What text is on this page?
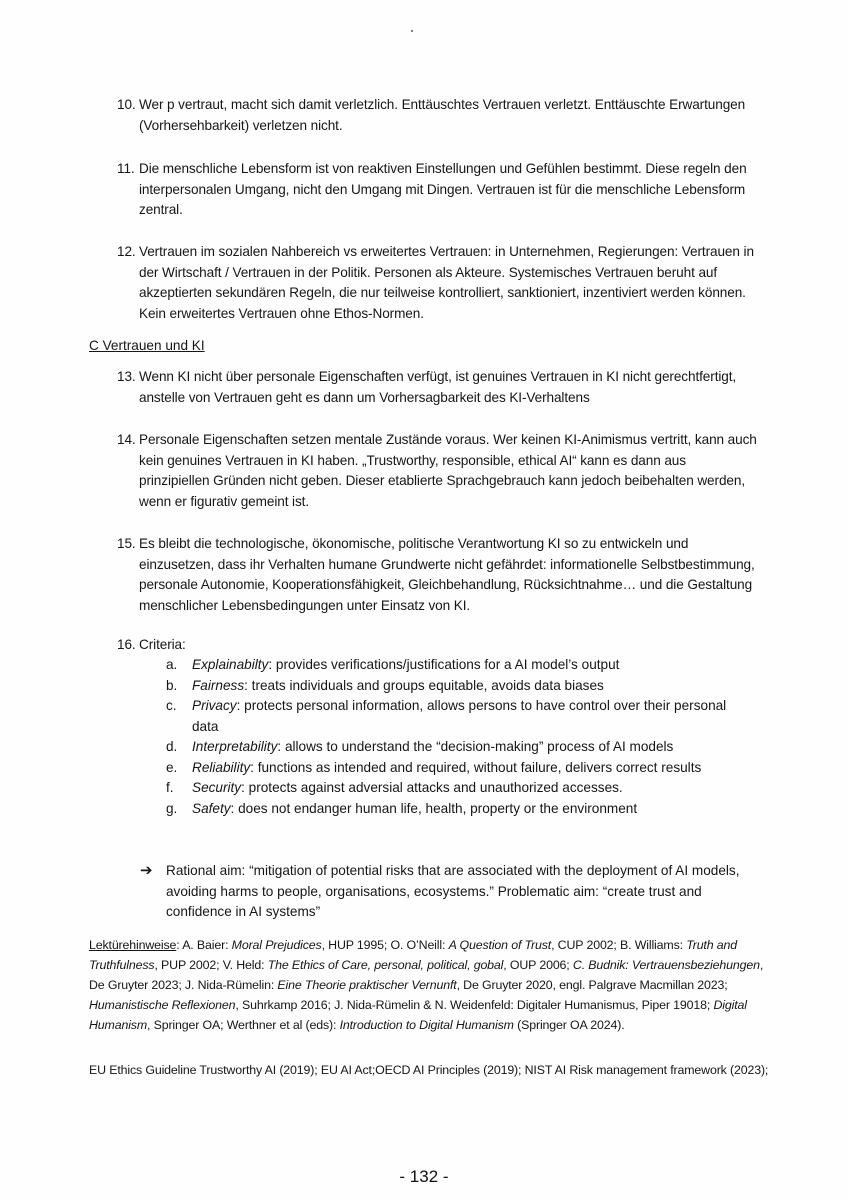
10. Wer p vertraut, macht sich damit verletzlich. Enttäuschtes Vertrauen verletzt. Enttäuschte Erwartungen (Vorhersehbarkeit) verletzen nicht.
11. Die menschliche Lebensform ist von reaktiven Einstellungen und Gefühlen bestimmt. Diese regeln den interpersonalen Umgang, nicht den Umgang mit Dingen. Vertrauen ist für die menschliche Lebensform zentral.
12. Vertrauen im sozialen Nahbereich vs erweitertes Vertrauen: in Unternehmen, Regierungen: Vertrauen in der Wirtschaft / Vertrauen in der Politik. Personen als Akteure. Systemisches Vertrauen beruht auf akzeptierten sekundären Regeln, die nur teilweise kontrolliert, sanktioniert, inzentiviert werden können. Kein erweitertes Vertrauen ohne Ethos-Normen.
C Vertrauen und KI
13. Wenn KI nicht über personale Eigenschaften verfügt, ist genuines Vertrauen in KI nicht gerechtfertigt, anstelle von Vertrauen geht es dann um Vorhersagbarkeit des KI-Verhaltens
14. Personale Eigenschaften setzen mentale Zustände voraus. Wer keinen KI-Animismus vertritt, kann auch kein genuines Vertrauen in KI haben. „Trustworthy, responsible, ethical AI“ kann es dann aus prinzipiellen Gründen nicht geben. Dieser etablierte Sprachgebrauch kann jedoch beibehalten werden, wenn er figurativ gemeint ist.
15. Es bleibt die technologische, ökonomische, politische Verantwortung KI so zu entwickeln und einzusetzen, dass ihr Verhalten humane Grundwerte nicht gefährdet: informationelle Selbstbestimmung, personale Autonomie, Kooperationsfähigkeit, Gleichbehandlung, Rücksichtnahme… und die Gestaltung menschlicher Lebensbedingungen unter Einsatz von KI.
16. Criteria:
a. Explainabilty: provides verifications/justifications for a AI model’s output
b. Fairness: treats individuals and groups equitable, avoids data biases
c. Privacy: protects personal information, allows persons to have control over their personal data
d. Interpretability: allows to understand the “decision-making” process of AI models
e. Reliability: functions as intended and required, without failure, delivers correct results
f. Security: protects against adversial attacks and unauthorized accesses.
g. Safety: does not endanger human life, health, property or the environment
➔ Rational aim: “mitigation of potential risks that are associated with the deployment of AI models, avoiding harms to people, organisations, ecosystems.” Problematic aim: “create trust and confidence in AI systems”
Lektürehinweise: A. Baier: Moral Prejudices, HUP 1995; O. O’Neill: A Question of Trust, CUP 2002; B. Williams: Truth and Truthfulness, PUP 2002; V. Held: The Ethics of Care, personal, political, gobal, OUP 2006; C. Budnik: Vertrauensbeziehungen, De Gruyter 2023; J. Nida-Rümelin: Eine Theorie praktischer Vernunft, De Gruyter 2020, engl. Palgrave Macmillan 2023; Humanistische Reflexionen, Suhrkamp 2016; J. Nida-Rümelin & N. Weidenfeld: Digitaler Humanismus, Piper 19018; Digital Humanism, Springer OA; Werthner et al (eds): Introduction to Digital Humanism (Springer OA 2024).
EU Ethics Guideline Trustworthy AI (2019); EU AI Act;OECD AI Principles (2019); NIST AI Risk management framework (2023);
- 132 -
